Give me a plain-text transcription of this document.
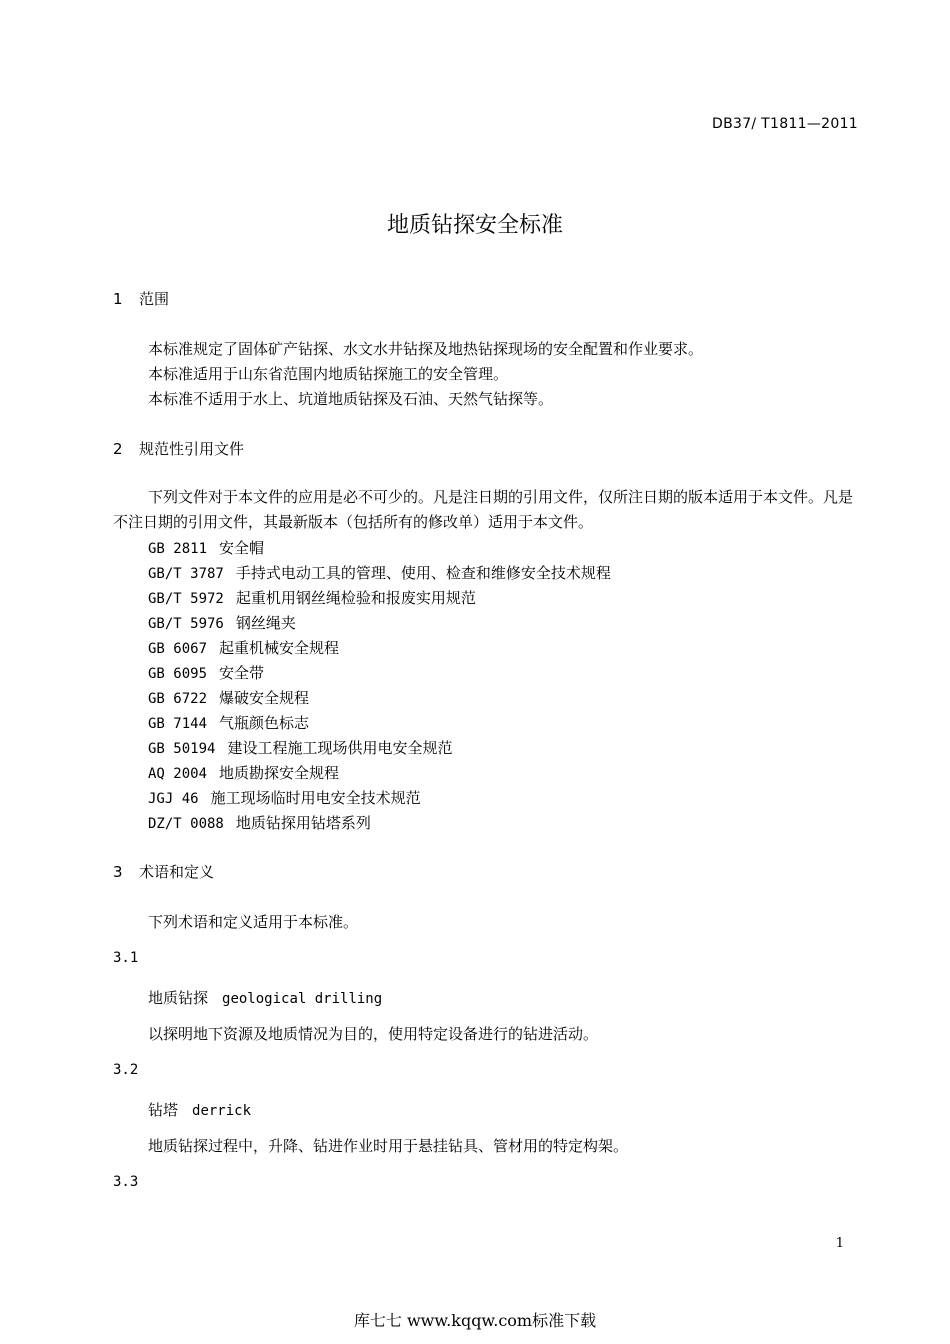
DB37/ T1811—2011
地质钻探安全标准
1 范围
本标准规定了固体矿产钻探、水文水井钻探及地热钻探现场的安全配置和作业要求。
本标准适用于山东省范围内地质钻探施工的安全管理。
本标准不适用于水上、坑道地质钻探及石油、天然气钻探等。
2 规范性引用文件
下列文件对于本文件的应用是必不可少的。凡是注日期的引用文件，仅所注日期的版本适用于本文件。凡是不注日期的引用文件，其最新版本（包括所有的修改单）适用于本文件。
GB 2811 安全帽
GB/T 3787 手持式电动工具的管理、使用、检查和维修安全技术规程
GB/T 5972 起重机用钢丝绳检验和报废实用规范
GB/T 5976 钢丝绳夹
GB 6067 起重机械安全规程
GB 6095 安全带
GB 6722 爆破安全规程
GB 7144 气瓶颜色标志
GB 50194 建设工程施工现场供用电安全规范
AQ 2004 地质勘探安全规程
JGJ 46 施工现场临时用电安全技术规范
DZ/T 0088 地质钻探用钻塔系列
3 术语和定义
下列术语和定义适用于本标准。
3.1
地质钻探 geological drilling
以探明地下资源及地质情况为目的，使用特定设备进行的钻进活动。
3.2
钻塔 derrick
地质钻探过程中，升降、钻进作业时用于悬挂钻具、管材用的特定构架。
3.3
1
库七七 www.kqqw.com标准下载
